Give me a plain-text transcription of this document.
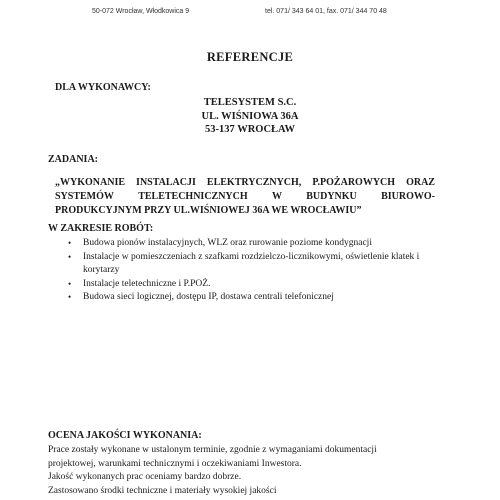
50-072 Wrocław, Włodkowica 9	tel. 071/ 343 64 01, fax. 071/ 344 70 48
REFERENCJE
DLA WYKONAWCY:
TELESYSTEM S.C.
UL. WIŚNIOWA 36A
53-137 WROCŁAW
ZADANIA:
„WYKONANIE INSTALACJI ELEKTRYCZNYCH, P.POŻAROWYCH ORAZ
SYSTEMÓW TELETECHNICZNYCH W BUDYNKU BIUROWO-
PRODUKCYJNYM PRZY UL.WIŚNIOWEJ 36A WE WROCŁAWIU”
W ZAKRESIE ROBÓT:
• Budowa pionów instalacyjnych, WLZ oraz rurowanie poziome kondygnacji
• Instalacje w pomieszczeniach z szafkami rozdzielczo-licznikowymi, oświetlenie klatek i korytarzy
• Instalacje teletechniczne i P.POŻ.
• Budowa sieci logicznej, dostępu IP, dostawa centrali telefonicznej
OCENA JAKOŚCI WYKONANIA:
Prace zostały wykonane w ustalonym terminie, zgodnie z wymaganiami dokumentacji
projektowej, warunkami technicznymi i oczekiwaniami Inwestora.
Jakość wykonanych prac oceniamy bardzo dobrze.
Zastosowano środki techniczne i materiały wysokiej jakości
